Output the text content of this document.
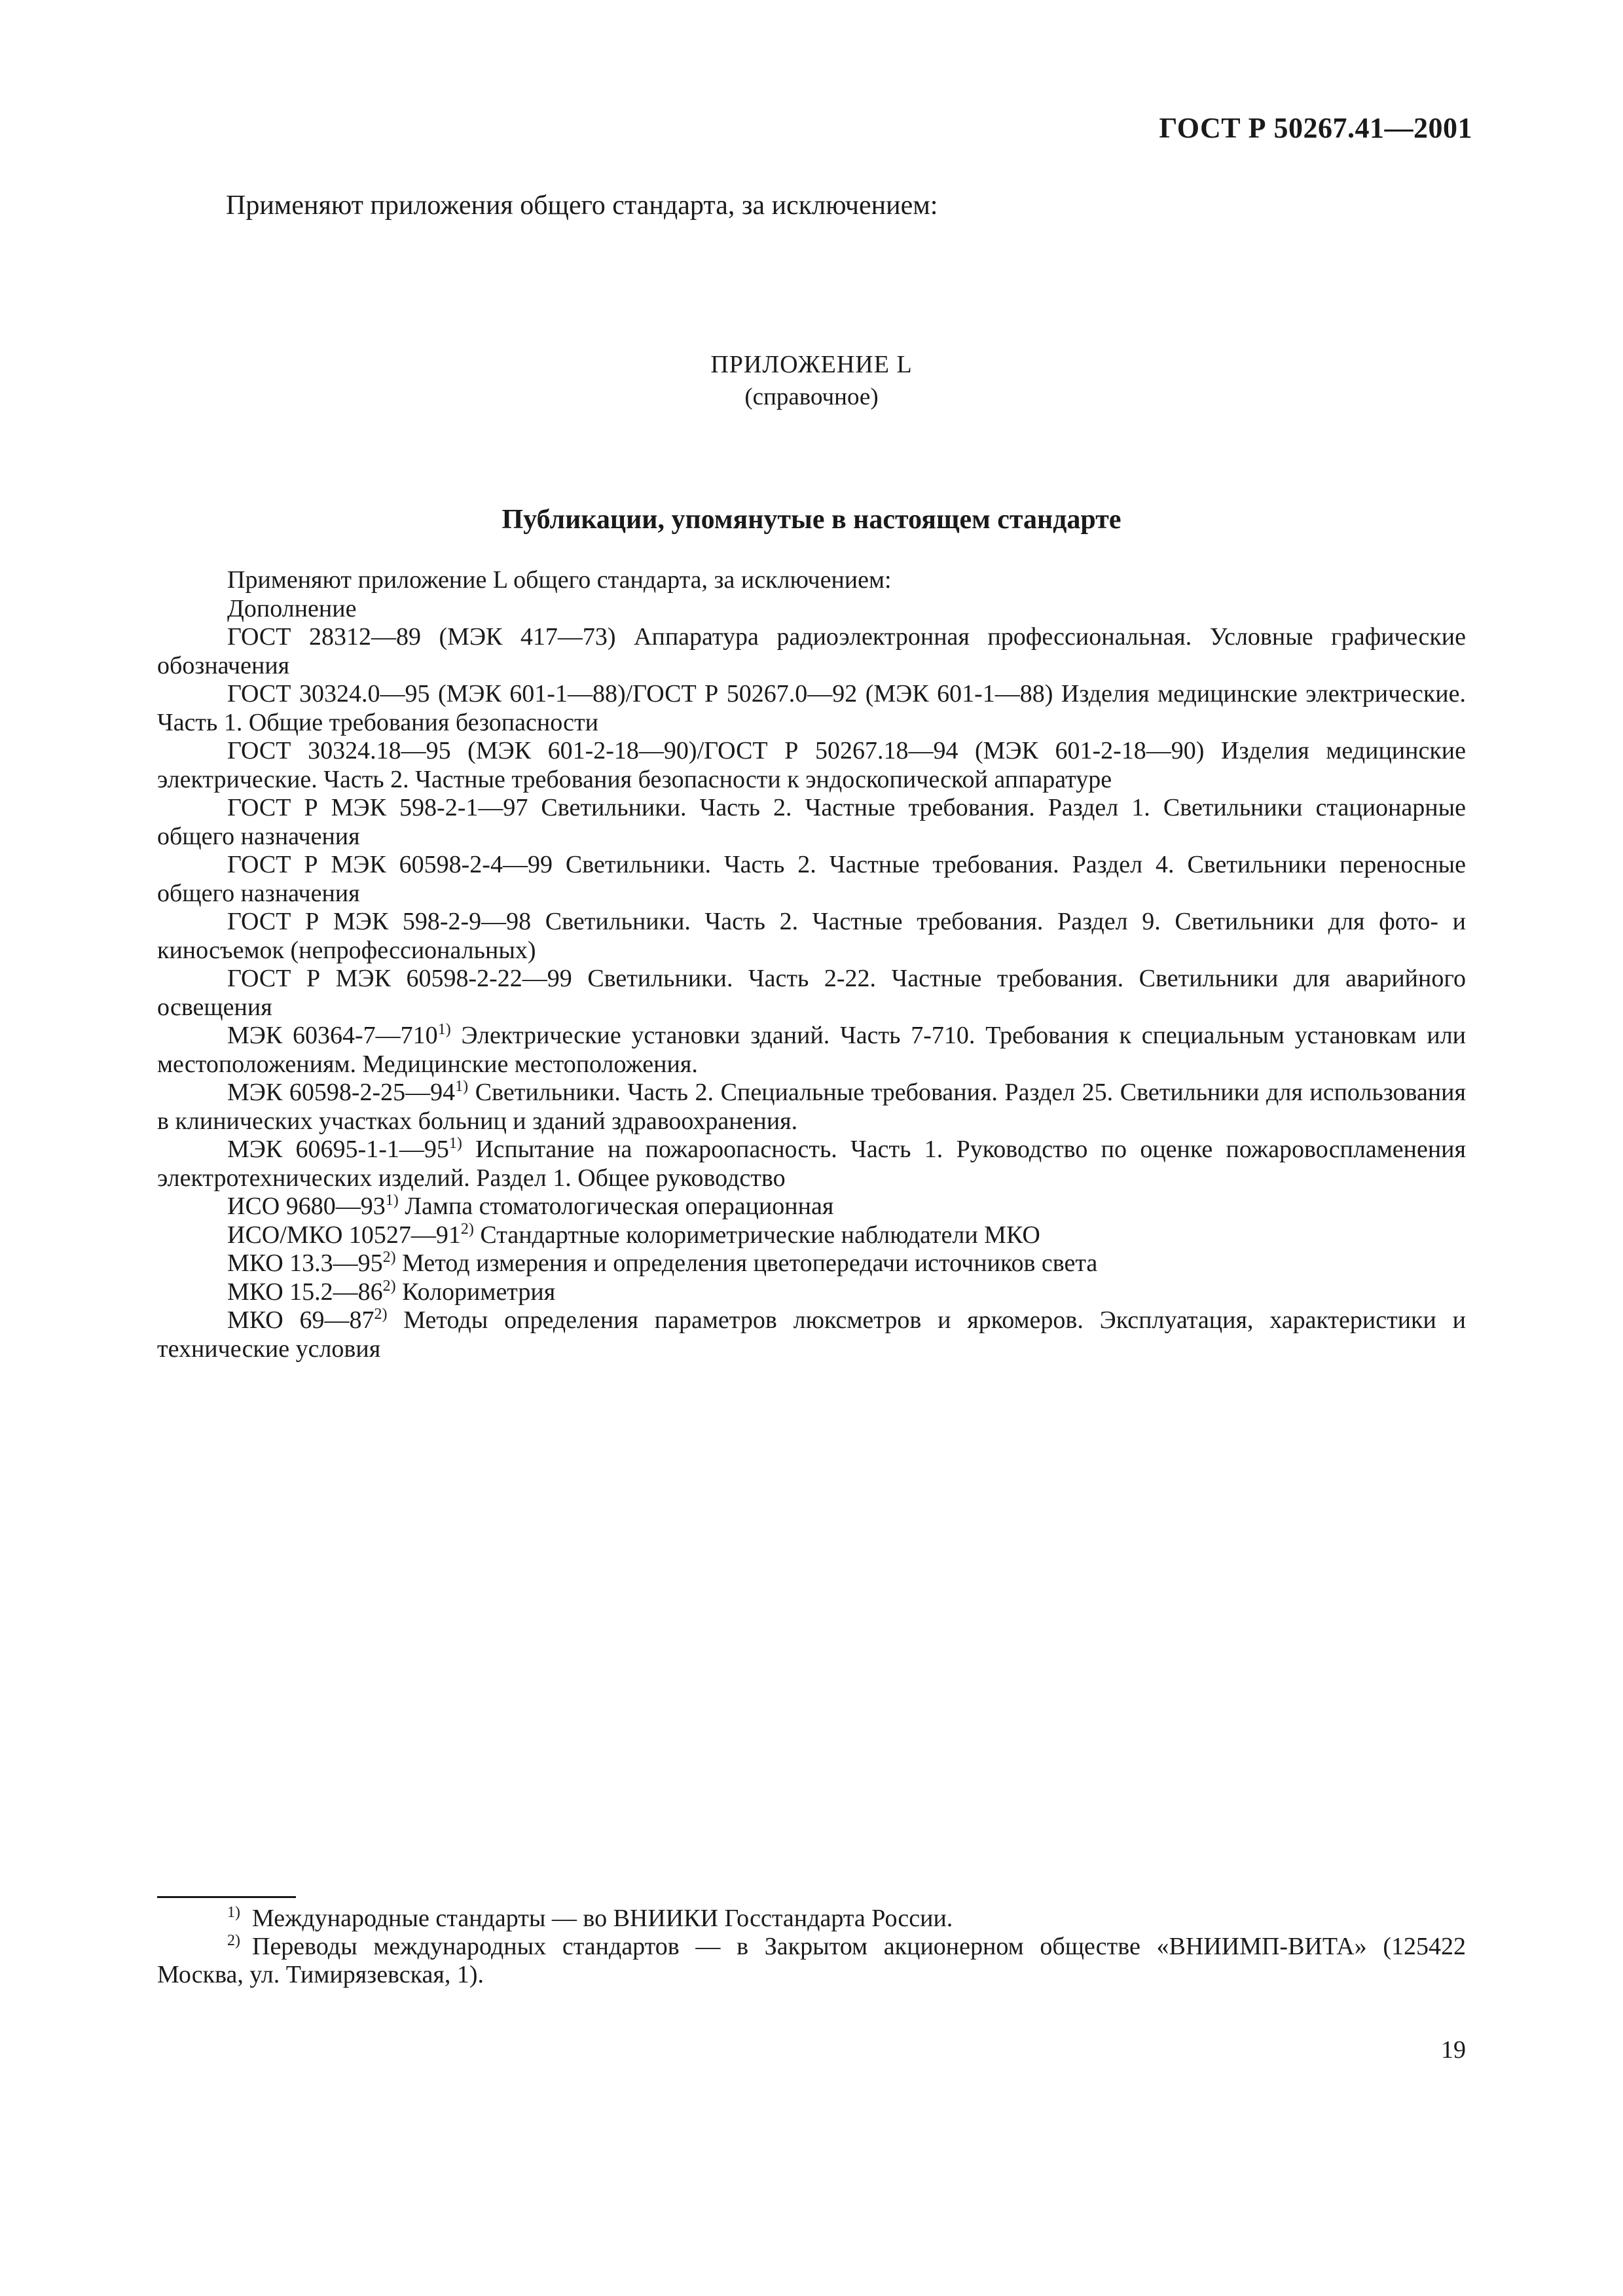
ГОСТ Р 50267.41—2001
Применяют приложения общего стандарта, за исключением:
ПРИЛОЖЕНИЕ L
(справочное)
Публикации, упомянутые в настоящем стандарте

Применяют приложение L общего стандарта, за исключением:

Дополнение

ГОСТ 28312—89 (МЭК 417—73) Аппаратура радиоэлектронная профессиональная. Условные графические обозначения

ГОСТ 30324.0—95 (МЭК 601-1—88)/ГОСТ Р 50267.0—92 (МЭК 601-1—88) Изделия медицинские электрические. Часть 1. Общие требования безопасности

ГОСТ 30324.18—95 (МЭК 601-2-18—90)/ГОСТ Р 50267.18—94 (МЭК 601-2-18—90) Изделия медицинские электрические. Часть 2. Частные требования безопасности к эндоскопической аппаратуре

ГОСТ Р МЭК 598-2-1—97 Светильники. Часть 2. Частные требования. Раздел 1. Светильники стационарные общего назначения

ГОСТ Р МЭК 60598-2-4—99 Светильники. Часть 2. Частные требования. Раздел 4. Светильники переносные общего назначения

ГОСТ Р МЭК 598-2-9—98 Светильники. Часть 2. Частные требования. Раздел 9. Светильники для фото- и киносъемок (непрофессиональных)

ГОСТ Р МЭК 60598-2-22—99 Светильники. Часть 2-22. Частные требования. Светильники для аварийного освещения

МЭК 60364-7—710$^{1)}$ Электрические установки зданий. Часть 7-710. Требования к специальным установкам или местоположениям. Медицинские местоположения.

МЭК 60598-2-25—94$^{1)}$ Светильники. Часть 2. Специальные требования. Раздел 25. Светильники для использования в клинических участках больниц и зданий здравоохранения.

МЭК 60695-1-1—95$^{1)}$ Испытание на пожароопасность. Часть 1. Руководство по оценке пожаровоспламенения электротехнических изделий. Раздел 1. Общее руководство

ИСО 9680—93$^{1)}$ Лампа стоматологическая операционная

ИСО/МКО 10527—91$^{2)}$ Стандартные колориметрические наблюдатели МКО

МКО 13.3—95$^{2)}$ Метод измерения и определения цветопередачи источников света

МКО 15.2—86$^{2)}$ Колориметрия

МКО 69—87$^{2)}$ Методы определения параметров люксметров и яркомеров. Эксплуатация, характеристики и технические условия

$^{1)}$ Международные стандарты — во ВНИИКИ Госстандарта России.

$^{2)}$ Переводы международных стандартов — в Закрытом акционерном обществе «ВНИИМП-ВИТА» (125422 Москва, ул. Тимирязевская, 1).

19
